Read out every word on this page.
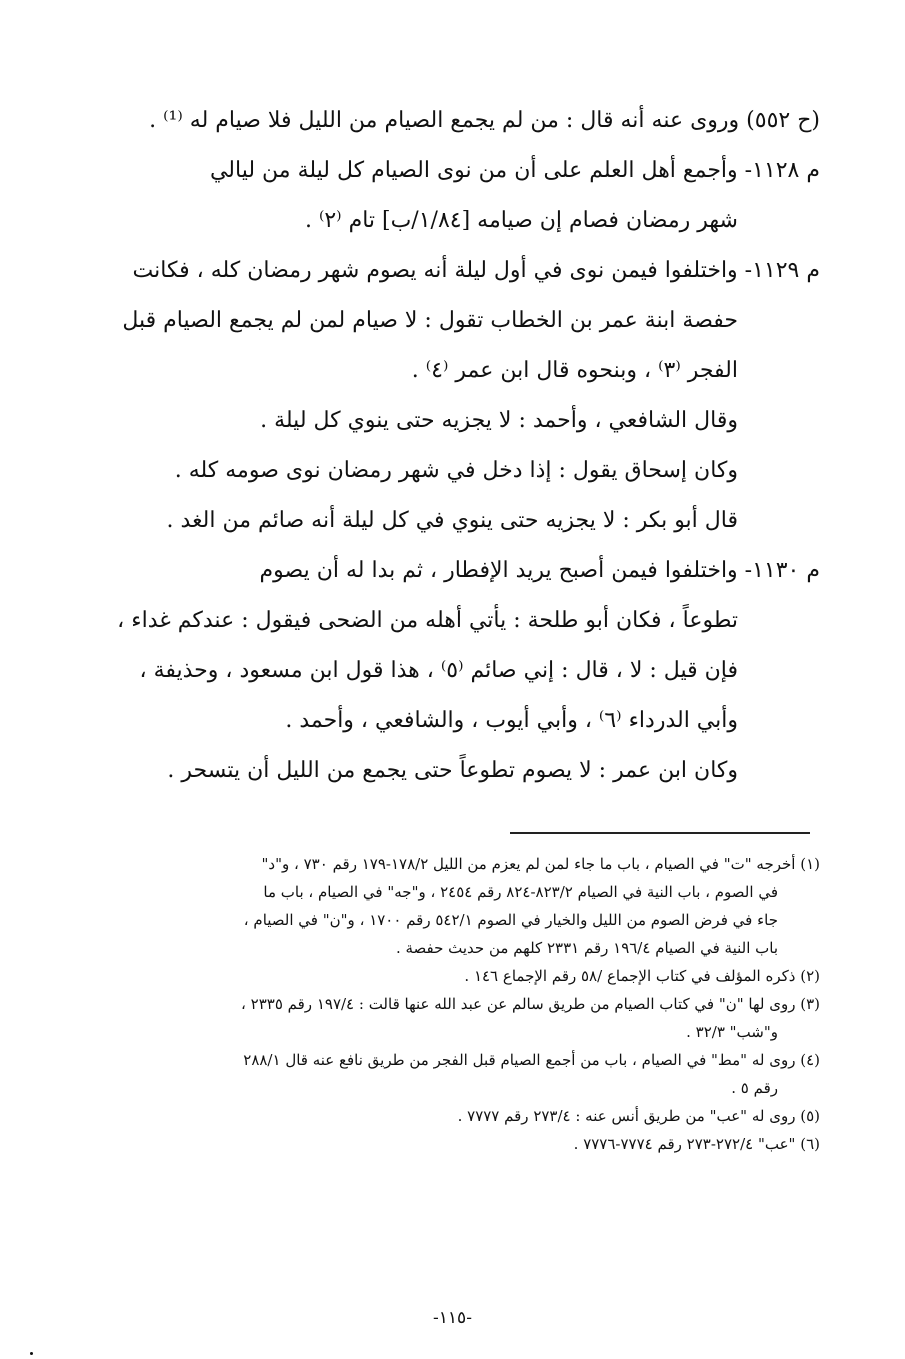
(ح ٥٥٢) وروى عنه أنه قال : من لم يجمع الصيام من الليل فلا صيام له ⁽¹⁾ .
م ١١٢٨- وأجمع أهل العلم على أن من نوى الصيام كل ليلة من ليالي
شهر رمضان فصام إن صيامه [١/٨٤/ب] تام ⁽٢⁾ .
م ١١٢٩- واختلفوا فيمن نوى في أول ليلة أنه يصوم شهر رمضان كله ، فكانت
حفصة ابنة عمر بن الخطاب تقول : لا صيام لمن لم يجمع الصيام قبل
الفجر ⁽٣⁾ ، وبنحوه قال ابن عمر ⁽٤⁾ .
وقال الشافعي ، وأحمد : لا يجزيه حتى ينوي كل ليلة .
وكان إسحاق يقول : إذا دخل في شهر رمضان نوى صومه كله .
قال أبو بكر : لا يجزيه حتى ينوي في كل ليلة أنه صائم من الغد .
م ١١٣٠- واختلفوا فيمن أصبح يريد الإفطار ، ثم بدا له أن يصوم
تطوعاً ، فكان أبو طلحة : يأتي أهله من الضحى فيقول : عندكم غداء ،
فإن قيل : لا ، قال : إني صائم ⁽٥⁾ ، هذا قول ابن مسعود ، وحذيفة ،
وأبي الدرداء ⁽٦⁾ ، وأبي أيوب ، والشافعي ، وأحمد .
وكان ابن عمر : لا يصوم تطوعاً حتى يجمع من الليل أن يتسحر .
(١) أخرجه "ت" في الصيام ، باب ما جاء لمن لم يعزم من الليل ١٧٨/٢-١٧٩ رقم ٧٣٠ ، و"د"
في الصوم ، باب النية في الصيام ٨٢٣/٢-٨٢٤ رقم ٢٤٥٤ ، و"جه" في الصيام ، باب ما
جاء في فرض الصوم من الليل والخيار في الصوم ٥٤٢/١ رقم ١٧٠٠ ، و"ن" في الصيام ،
باب النية في الصيام ١٩٦/٤ رقم ٢٣٣١ كلهم من حديث حفصة .
(٢) ذكره المؤلف في كتاب الإجماع /٥٨ رقم الإجماع ١٤٦ .
(٣) روى لها "ن" في كتاب الصيام من طريق سالم عن عبد الله عنها قالت : ١٩٧/٤ رقم ٢٣٣٥ ،
و"شب" ٣٢/٣ .
(٤) روى له "مط" في الصيام ، باب من أجمع الصيام قبل الفجر من طريق نافع عنه قال ٢٨٨/١
رقم ٥ .
(٥) روى له "عب" من طريق أنس عنه : ٢٧٣/٤ رقم ٧٧٧٧ .
(٦) "عب" ٢٧٢/٤-٢٧٣ رقم ٧٧٧٤-٧٧٧٦ .
-١١٥-
